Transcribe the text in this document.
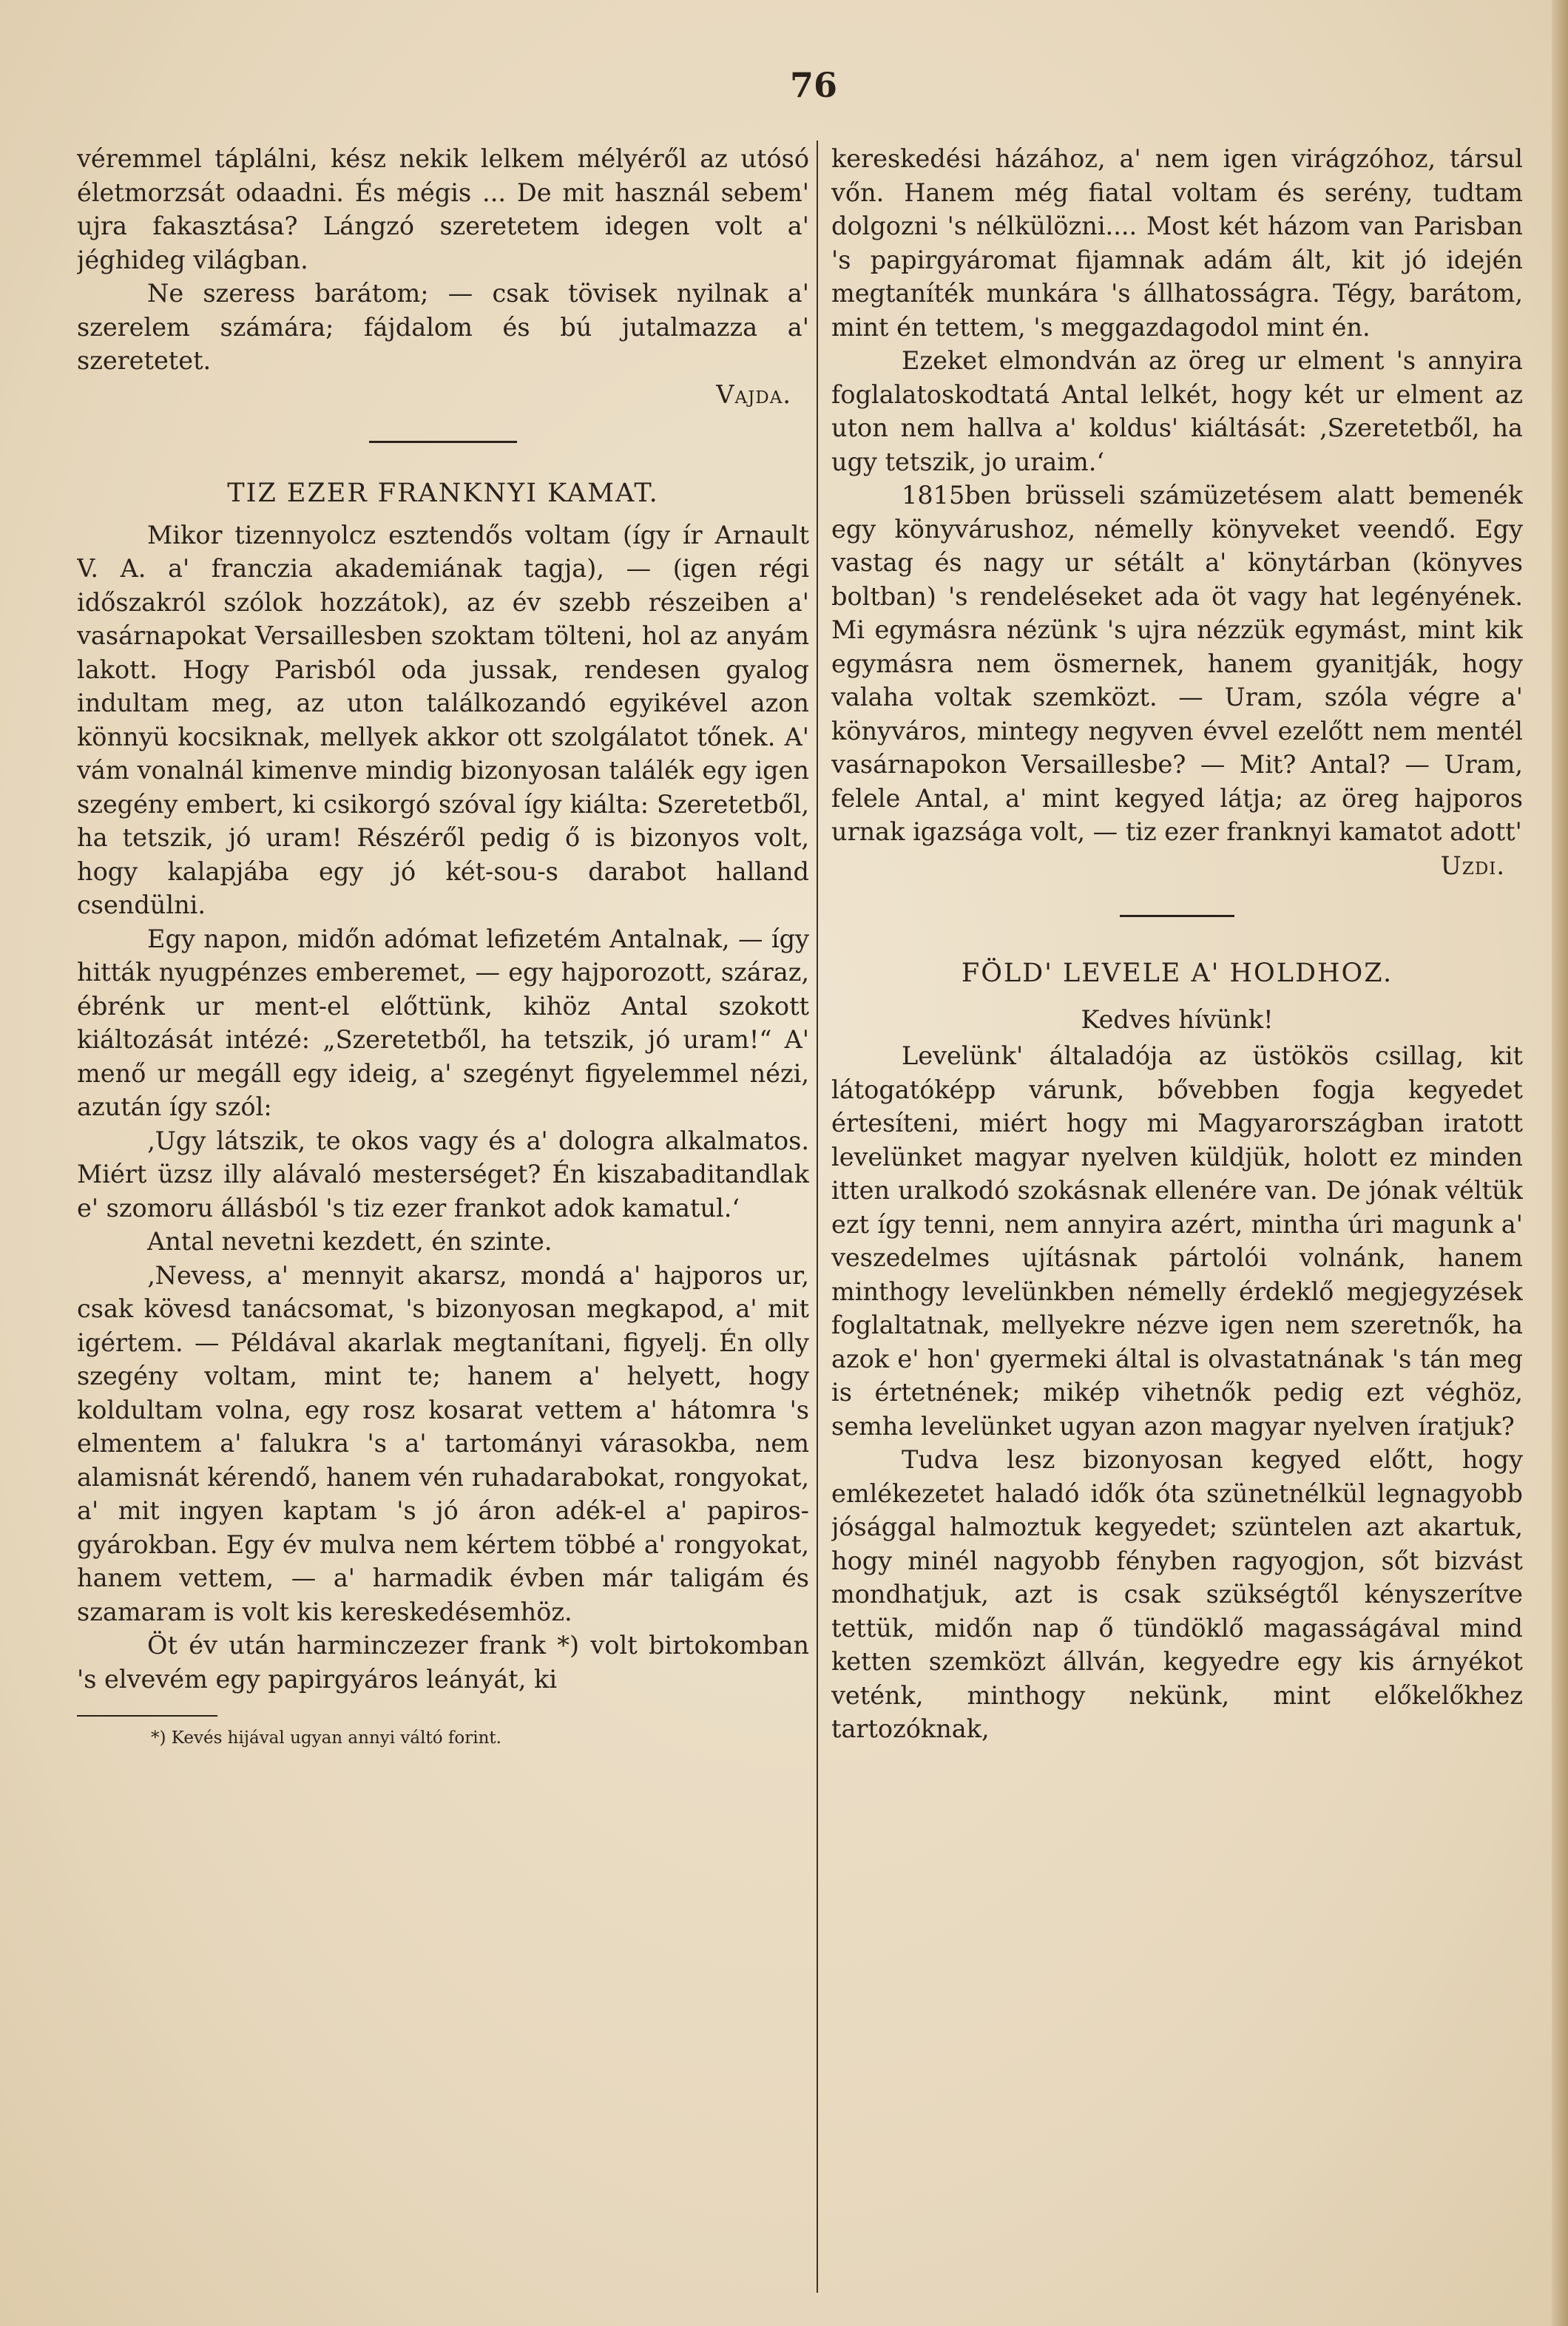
76

véremmel táplálni, kész nekik lelkem mélyéről az utósó életmorzsát odaadni. És mégis ... De mit használ sebem' ujra fakasztása? Lángzó szeretetem idegen volt a' jéghideg világban.

Ne szeress barátom; — csak tövisek nyilnak a' szerelem számára; fájdalom és bú jutalmazza a' szeretetet.

Vajda.

TIZ EZER FRANKNYI KAMAT.

Mikor tizennyolcz esztendős voltam (így ír Arnault V. A. a' franczia akademiának tagja), — (igen régi időszakról szólok hozzátok), az év szebb részeiben a' vasárnapokat Versaillesben szoktam tölteni, hol az anyám lakott. Hogy Parisból oda jussak, rendesen gyalog indultam meg, az uton találkozandó egyikével azon könnyü kocsiknak, mellyek akkor ott szolgálatot tőnek. A' vám vonalnál kimenve mindig bizonyosan találék egy igen szegény embert, ki csikorgó szóval így kiálta: Szeretetből, ha tetszik, jó uram! Részéről pedig ő is bizonyos volt, hogy kalapjába egy jó két-sou-s darabot halland csendülni.

Egy napon, midőn adómat lefizetém Antalnak, — így hitták nyugpénzes emberemet, — egy hajporozott, száraz, ébrénk ur ment-el előttünk, kihöz Antal szokott kiáltozását intézé: „Szeretetből, ha tetszik, jó uram!“ A' menő ur megáll egy ideig, a' szegényt figyelemmel nézi, azután így szól:

‚Ugy látszik, te okos vagy és a' dologra alkalmatos. Miért üzsz illy alávaló mesterséget? Én kiszabaditandlak e' szomoru állásból 's tiz ezer frankot adok kamatul.‘

Antal nevetni kezdett, én szinte.

‚Nevess, a' mennyit akarsz, mondá a' hajporos ur, csak kövesd tanácsomat, 's bizonyosan megkapod, a' mit igértem. — Példával akarlak megtanítani, figyelj. Én olly szegény voltam, mint te; hanem a' helyett, hogy koldultam volna, egy rosz kosarat vettem a' hátomra 's elmentem a' falukra 's a' tartományi várasokba, nem alamisnát kérendő, hanem vén ruhadarabokat, rongyokat, a' mit ingyen kaptam 's jó áron adék-el a' papiros-gyárokban. Egy év mulva nem kértem többé a' rongyokat, hanem vettem, — a' harmadik évben már taligám és szamaram is volt kis kereskedésemhöz.

Öt év után harminczezer frank *) volt birtokomban 's elvevém egy papirgyáros leányát, ki

*) Kevés hijával ugyan annyi váltó forint.

kereskedési házához, a' nem igen virágzóhoz, társul vőn. Hanem még fiatal voltam és serény, tudtam dolgozni 's nélkülözni.... Most két házom van Parisban 's papirgyáromat fijamnak adám ált, kit jó idején megtaníték munkára 's állhatosságra. Tégy, barátom, mint én tettem, 's meggazdagodol mint én.

Ezeket elmondván az öreg ur elment 's annyira foglalatoskodtatá Antal lelkét, hogy két ur elment az uton nem hallva a' koldus' kiáltását: ‚Szeretetből, ha ugy tetszik, jo uraim.‘

1815ben brüsseli számüzetésem alatt bemenék egy könyvárushoz, némelly könyveket veendő. Egy vastag és nagy ur sétált a' könytárban (könyves boltban) 's rendeléseket ada öt vagy hat legényének. Mi egymásra nézünk 's ujra nézzük egymást, mint kik egymásra nem ösmernek, hanem gyanitják, hogy valaha voltak szemközt. — Uram, szóla végre a' könyváros, mintegy negyven évvel ezelőtt nem mentél vasárnapokon Versaillesbe? — Mit? Antal? — Uram, felele Antal, a' mint kegyed látja; az öreg hajporos urnak igazsága volt, — tiz ezer franknyi kamatot adott'

Uzdi.

FÖLD' LEVELE A' HOLDHOZ.

Kedves hívünk!

Levelünk' általadója az üstökös csillag, kit látogatóképp várunk, bővebben fogja kegyedet értesíteni, miért hogy mi Magyarországban iratott levelünket magyar nyelven küldjük, holott ez minden itten uralkodó szokásnak ellenére van. De jónak véltük ezt így tenni, nem annyira azért, mintha úri magunk a' veszedelmes ujításnak pártolói volnánk, hanem minthogy levelünkben némelly érdeklő megjegyzések foglaltatnak, mellyekre nézve igen nem szeretnők, ha azok e' hon' gyermeki által is olvastatnának 's tán meg is értetnének; mikép vihetnők pedig ezt véghöz, semha levelünket ugyan azon magyar nyelven íratjuk?

Tudva lesz bizonyosan kegyed előtt, hogy emlékezetet haladó idők óta szünetnélkül legnagyobb jósággal halmoztuk kegyedet; szüntelen azt akartuk, hogy minél nagyobb fényben ragyogjon, sőt bizvást mondhatjuk, azt is csak szükségtől kényszerítve tettük, midőn nap ő tündöklő magasságával mind ketten szemközt állván, kegyedre egy kis árnyékot veténk, minthogy nekünk, mint előkelőkhez tartozóknak,
